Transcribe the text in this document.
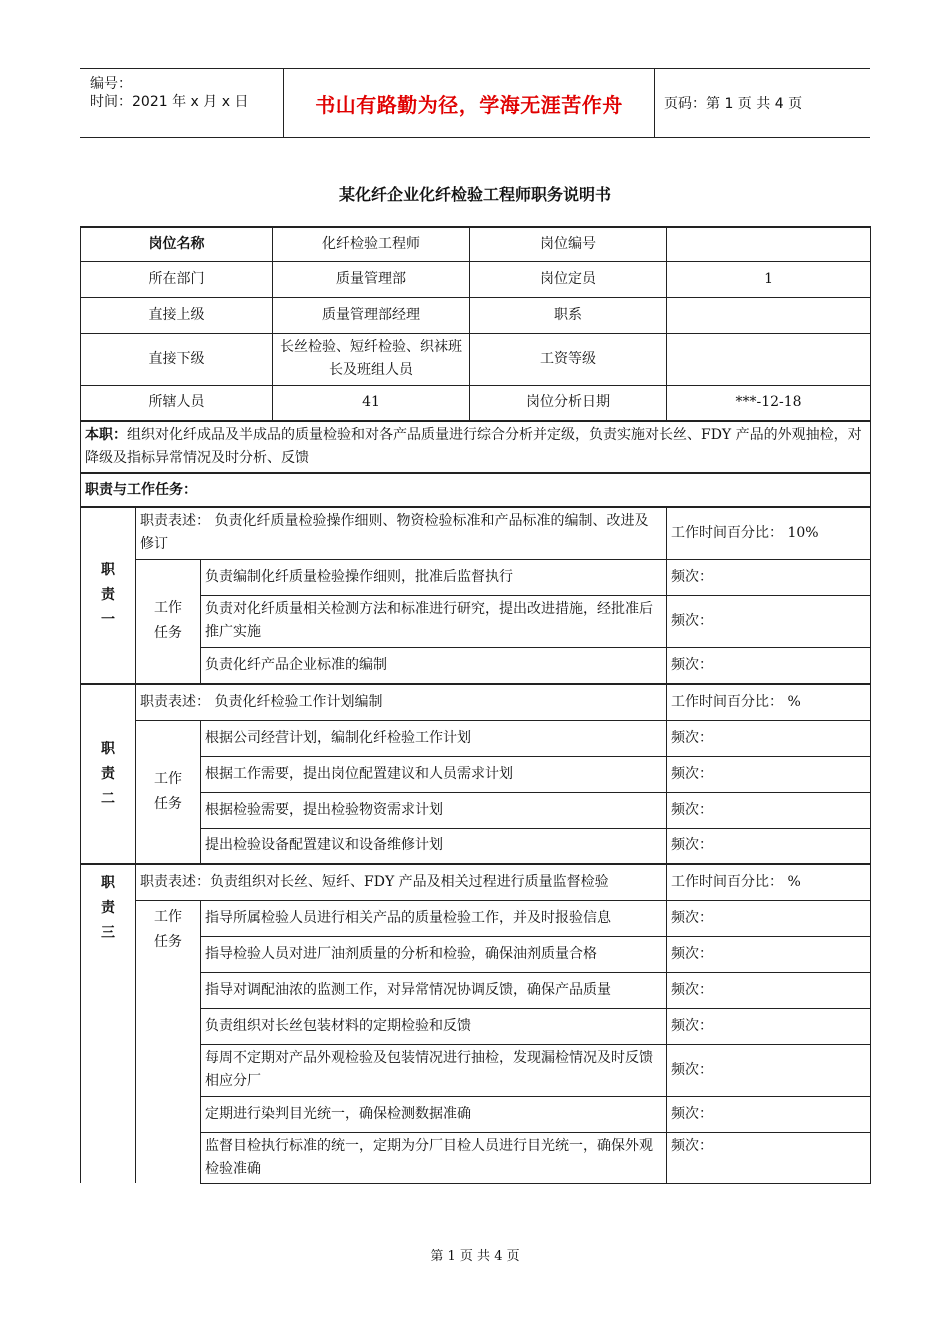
编号：
时间：2021 年 x 月 x 日	书山有路勤为径，学海无涯苦作舟	页码：第 1 页 共 4 页
某化纤企业化纤检验工程师职务说明书
岗位名称			化纤检验工程师	岗位编号	
所在部门			质量管理部	岗位定员	1
直接上级			质量管理部经理	职系	
直接下级			长丝检验、短纤检验、织袜班长及班组人员	工资等级	
所辖人员			41	岗位分析日期	***-12-18
本职：组织对化纤成品及半成品的质量检验和对各产品质量进行综合分析并定级，负责实施对长丝、FDY 产品的外观抽检，对降级及指标异常情况及时分析、反馈					
职责与工作任务：					
职责一	职责表述： 负责化纤质量检验操作细则、物资检验标准和产品标准的编制、改进及修订				工作时间百分比： 10%
	工作任务	负责编制化纤质量检验操作细则，批准后监督执行			频次：
		负责对化纤质量相关检测方法和标准进行研究，提出改进措施，经批准后推广实施			频次：
		负责化纤产品企业标准的编制			频次：
职责二	职责表述： 负责化纤检验工作计划编制				工作时间百分比： %
	工作任务	根据公司经营计划，编制化纤检验工作计划			频次：
		根据工作需要，提出岗位配置建议和人员需求计划			频次：
		根据检验需要，提出检验物资需求计划			频次：
		提出检验设备配置建议和设备维修计划			频次：
职责三	职责表述：负责组织对长丝、短纤、FDY 产品及相关过程进行质量监督检验				工作时间百分比： %
	工作任务	指导所属检验人员进行相关产品的质量检验工作，并及时报验信息			频次：
		指导检验人员对进厂油剂质量的分析和检验，确保油剂质量合格			频次：
		指导对调配油浓的监测工作，对异常情况协调反馈，确保产品质量			频次：
		负责组织对长丝包装材料的定期检验和反馈			频次：
		每周不定期对产品外观检验及包装情况进行抽检，发现漏检情况及时反馈相应分厂			频次：
		定期进行染判目光统一，确保检测数据准确			频次：
		监督目检执行标准的统一，定期为分厂目检人员进行目光统一，确保外观检验准确			频次：
第 1 页 共 4 页
